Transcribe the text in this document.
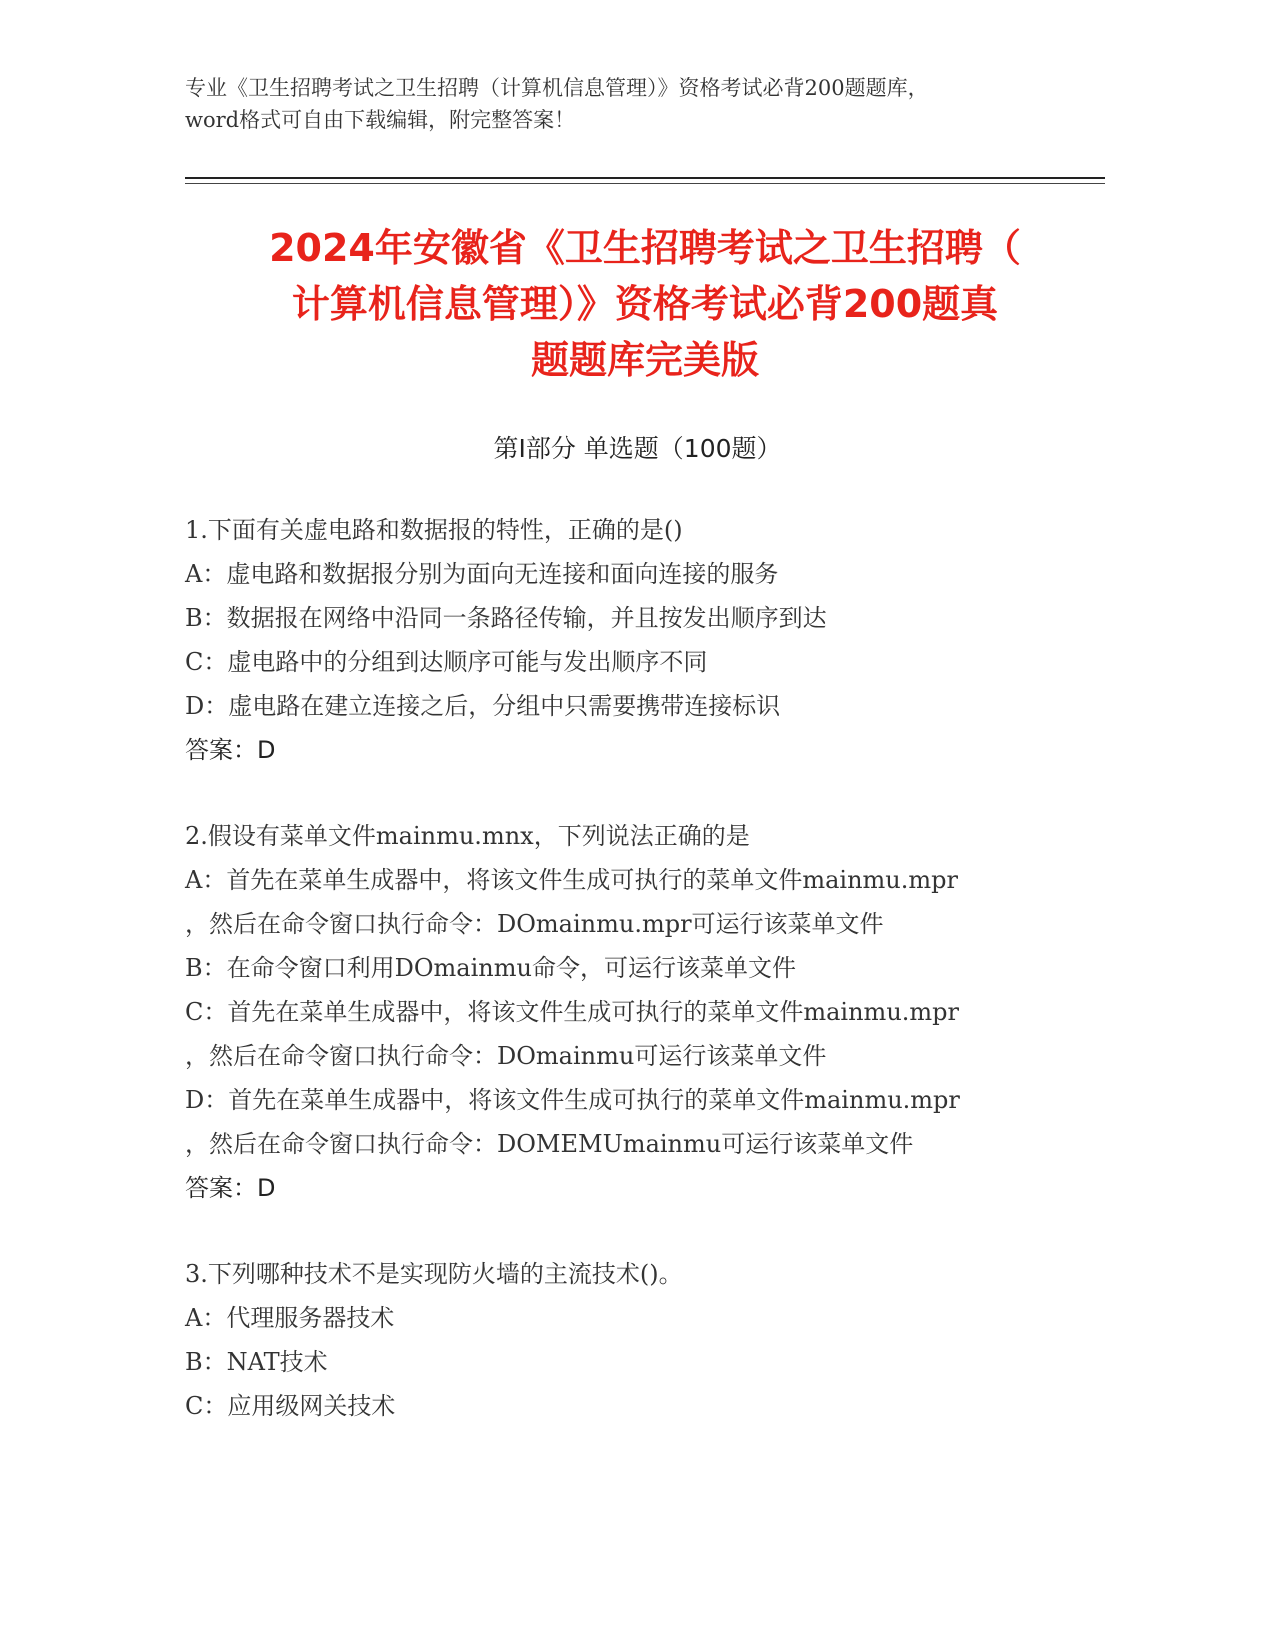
专业《卫生招聘考试之卫生招聘（计算机信息管理）》资格考试必背200题题库，
word格式可自由下载编辑，附完整答案！
2024年安徽省《卫生招聘考试之卫生招聘（
计算机信息管理）》资格考试必背200题真
题题库完美版
第Ⅰ部分 单选题（100题）
1.下面有关虚电路和数据报的特性，正确的是()
A：虚电路和数据报分别为面向无连接和面向连接的服务
B：数据报在网络中沿同一条路径传输，并且按发出顺序到达
C：虚电路中的分组到达顺序可能与发出顺序不同
D：虚电路在建立连接之后，分组中只需要携带连接标识
答案：D
2.假设有菜单文件mainmu.mnx，下列说法正确的是
A：首先在菜单生成器中，将该文件生成可执行的菜单文件mainmu.mpr
，然后在命令窗口执行命令：DOmainmu.mpr可运行该菜单文件
B：在命令窗口利用DOmainmu命令，可运行该菜单文件
C：首先在菜单生成器中，将该文件生成可执行的菜单文件mainmu.mpr
，然后在命令窗口执行命令：DOmainmu可运行该菜单文件
D：首先在菜单生成器中，将该文件生成可执行的菜单文件mainmu.mpr
，然后在命令窗口执行命令：DOMEMUmainmu可运行该菜单文件
答案：D
3.下列哪种技术不是实现防火墙的主流技术()。
A：代理服务器技术
B：NAT技术
C：应用级网关技术
